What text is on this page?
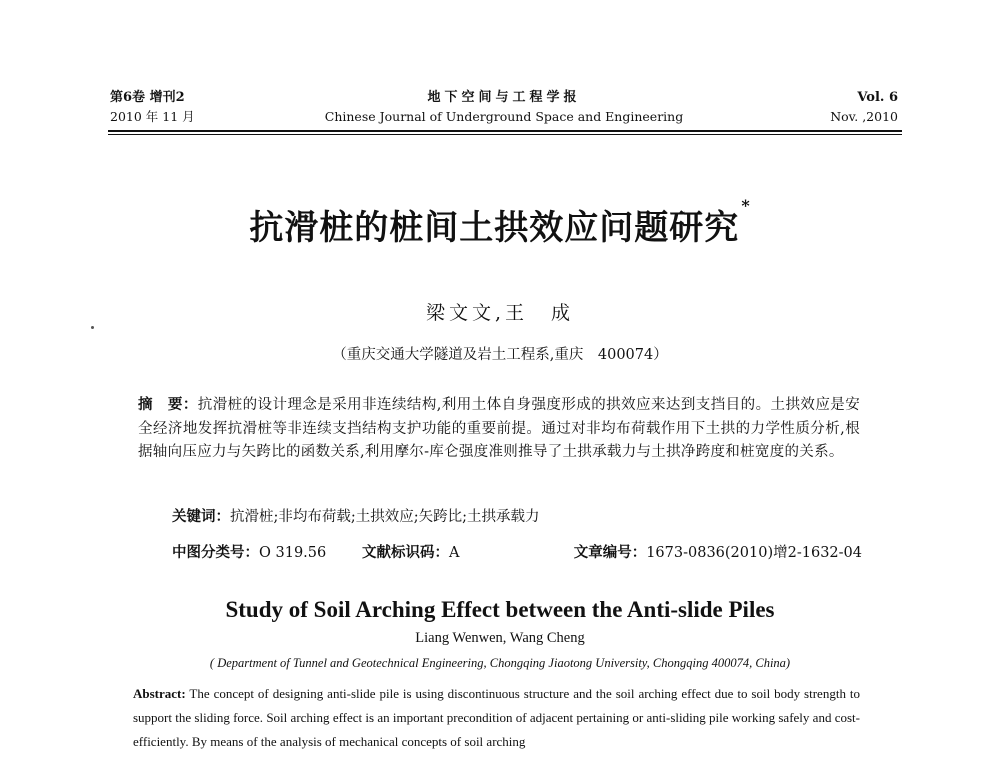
第6卷 增刊2
2010 年 11 月
地下空间与工程学报
Chinese Journal of Underground Space and Engineering
Vol. 6
Nov. ,2010
抗滑桩的桩间土拱效应问题研究*
梁文文,王　成
（重庆交通大学隧道及岩土工程系,重庆　400074）
摘　要：抗滑桩的设计理念是采用非连续结构,利用土体自身强度形成的拱效应来达到支挡目的。土拱效应是安全经济地发挥抗滑桩等非连续支挡结构支护功能的重要前提。通过对非均布荷载作用下土拱的力学性质分析,根据轴向压应力与矢跨比的函数关系,利用摩尔-库仑强度准则推导了土拱承载力与土拱净跨度和桩宽度的关系。
关键词：抗滑桩;非均布荷载;土拱效应;矢跨比;土拱承载力
中图分类号：O 319.56 文献标识码：A	文章编号：1673-0836(2010)增2-1632-04
Study of Soil Arching Effect between the Anti-slide Piles
Liang Wenwen, Wang Cheng
( Department of Tunnel and Geotechnical Engineering, Chongqing Jiaotong University, Chongqing 400074, China)
Abstract: The concept of designing anti-slide pile is using discontinuous structure and the soil arching effect due to soil body strength to support the sliding force. Soil arching effect is an important precondition of adjacent pertaining or anti-sliding pile working safely and cost-efficiently. By means of the analysis of mechanical concepts of soil arching
